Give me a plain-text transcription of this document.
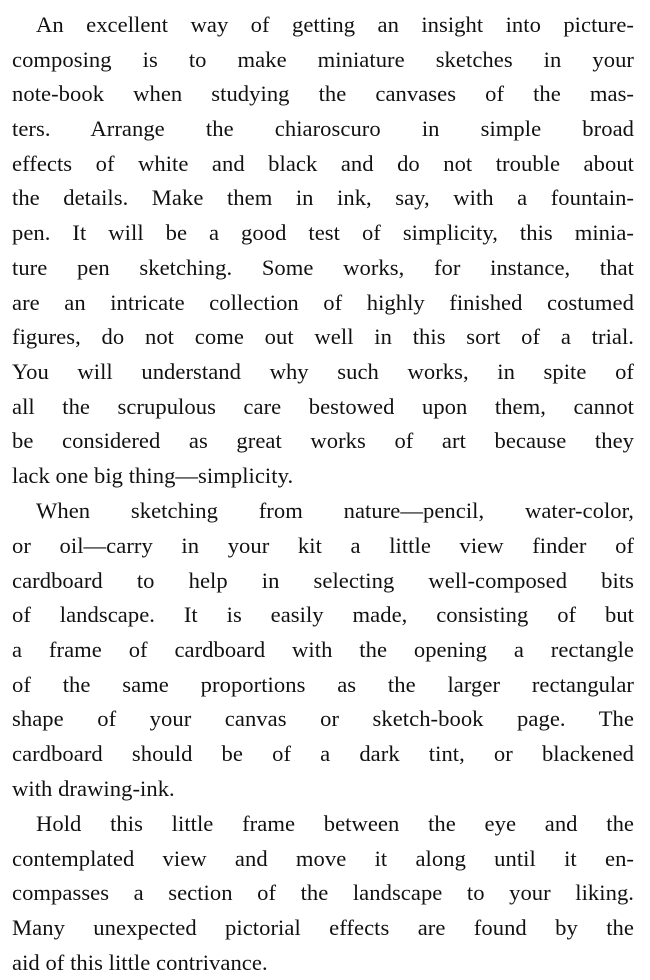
An excellent way of getting an insight into picture-
composing is to make miniature sketches in your
note-book when studying the canvases of the mas-
ters. Arrange the chiaroscuro in simple broad
effects of white and black and do not trouble about
the details. Make them in ink, say, with a fountain-
pen. It will be a good test of simplicity, this minia-
ture pen sketching. Some works, for instance, that
are an intricate collection of highly finished costumed
figures, do not come out well in this sort of a trial.
You will understand why such works, in spite of
all the scrupulous care bestowed upon them, cannot
be considered as great works of art because they
lack one big thing—simplicity.
When sketching from nature—pencil, water-color,
or oil—carry in your kit a little view finder of
cardboard to help in selecting well-composed bits
of landscape. It is easily made, consisting of but
a frame of cardboard with the opening a rectangle
of the same proportions as the larger rectangular
shape of your canvas or sketch-book page. The
cardboard should be of a dark tint, or blackened
with drawing-ink.
Hold this little frame between the eye and the
contemplated view and move it along until it en-
compasses a section of the landscape to your liking.
Many unexpected pictorial effects are found by the
aid of this little contrivance.
